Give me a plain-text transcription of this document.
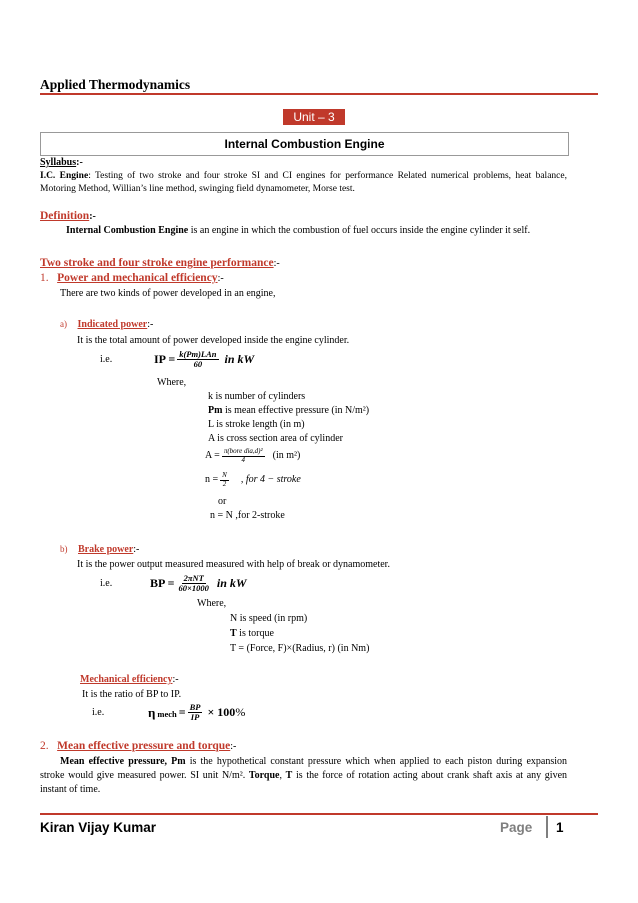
Applied Thermodynamics
Unit – 3
Internal Combustion Engine
Syllabus:-
I.C. Engine: Testing of two stroke and four stroke SI and CI engines for performance Related numerical problems, heat balance, Motoring Method, Willian’s line method, swinging field dynamometer, Morse test.
Definition:-
Internal Combustion Engine is an engine in which the combustion of fuel occurs inside the engine cylinder it self.
Two stroke and four stroke engine performance:-
1. Power and mechanical efficiency:-
There are two kinds of power developed in an engine,
a) Indicated power:-
It is the total amount of power developed inside the engine cylinder.
i.e.	IP = $\frac{\text{k(Pm)LAn}}{60}$ in kW
Where,
k is number of cylinders
Pm is mean effective pressure (in N/m²)
L is stroke length (in m)
A is cross section area of cylinder
$A = \frac{\text{π(bore dia,d)²}}{4} (in$ m²)
$n = \frac{N}{2}$ , for 4 − stroke
or
n = N ,for 2-stroke
b) Brake power:-
It is the power output measured measured with help of break or dynamometer.
i.e.	BP = $\frac{\text{2πNT}}{60\times 1000}$ in kW
Where,
N is speed (in rpm)
T is torque
T = (Force, F)×(Radius, r) (in Nm)
Mechanical efficiency:-
It is the ratio of BP to IP.
i.e.	η mech = $\frac{BP}{IP} \times 100$ %
2. Mean effective pressure and torque:-
Mean effective pressure, Pm is the hypothetical constant pressure which when applied to each piston during expansion stroke would give measured power. SI unit N/m². Torque, T is the force of rotation acting about crank shaft axis at any given instant of time.
Kiran Vijay Kumar	Page 1
